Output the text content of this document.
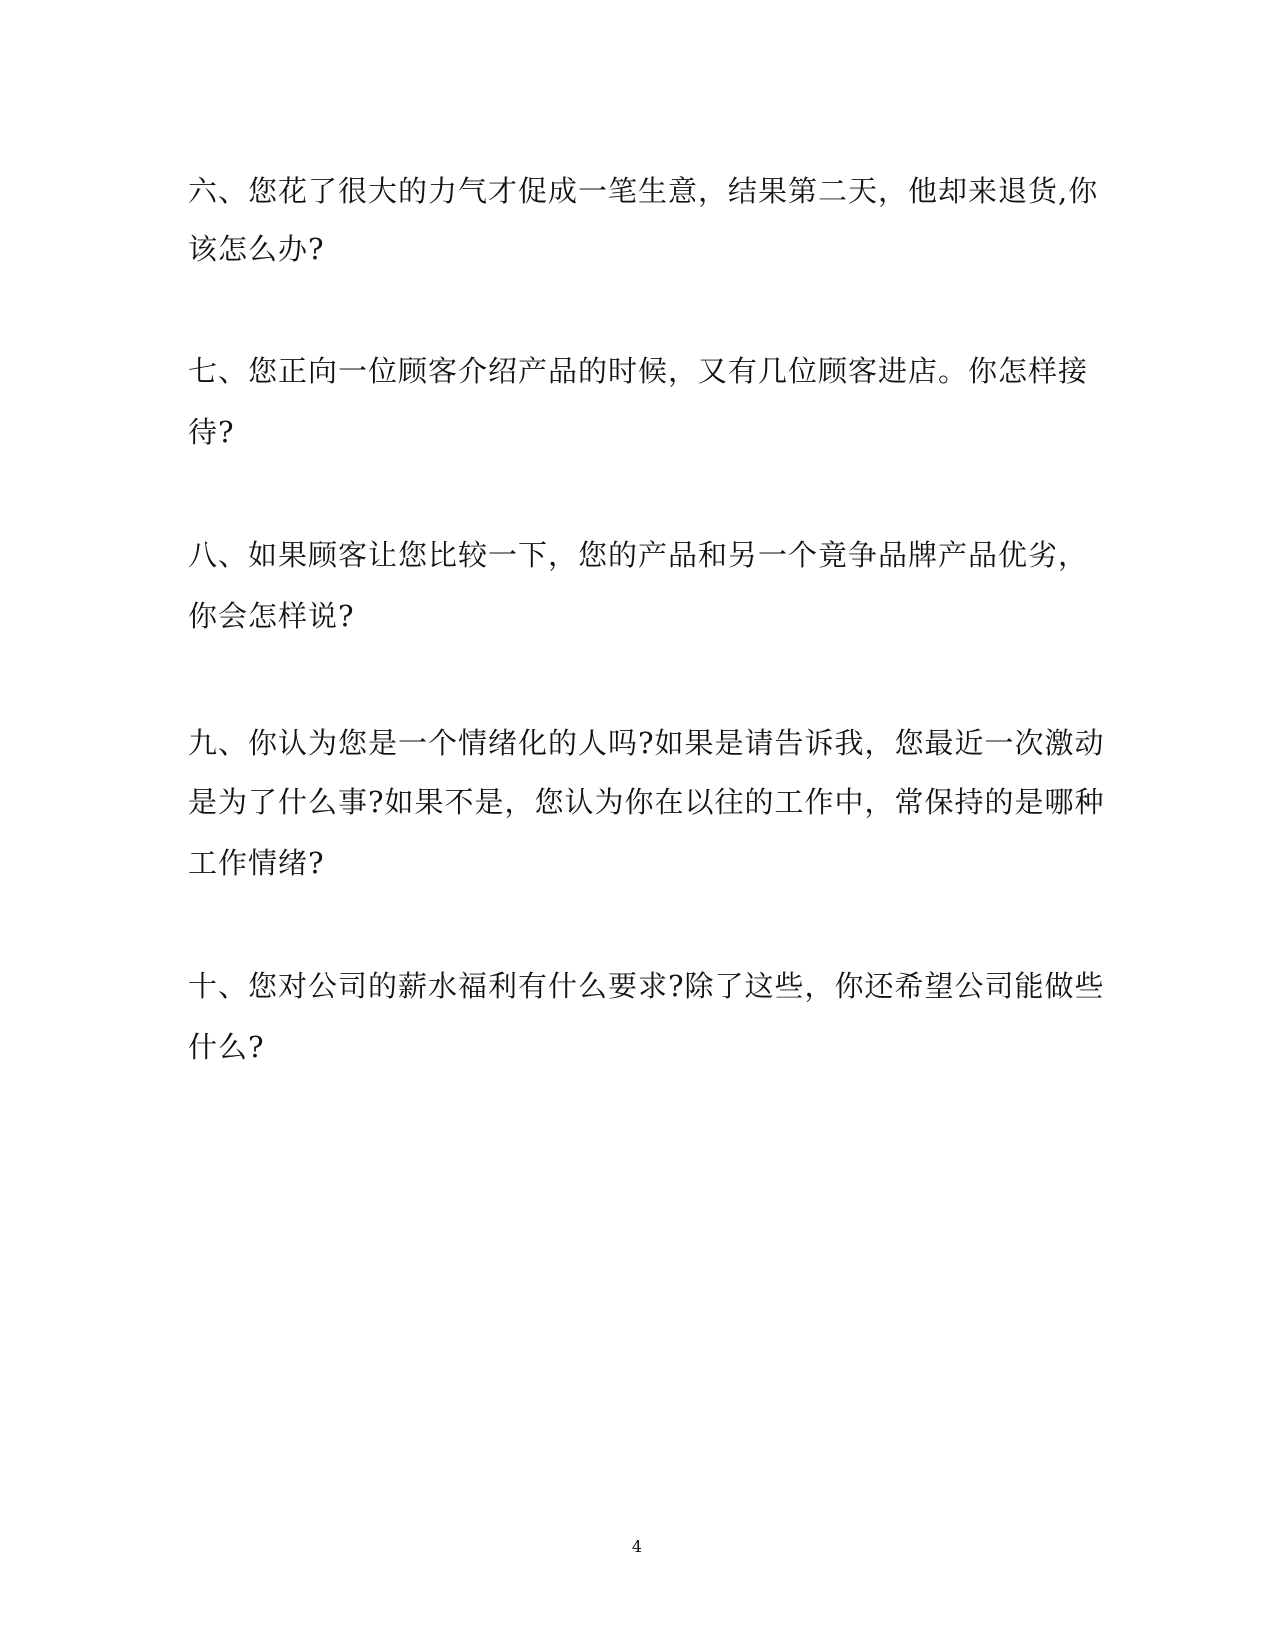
六、您花了很大的力气才促成一笔生意，结果第二天，他却来退货,你
该怎么办?
七、您正向一位顾客介绍产品的时候，又有几位顾客进店。你怎样接
待?
八、如果顾客让您比较一下，您的产品和另一个竟争品牌产品优劣，
你会怎样说?
九、你认为您是一个情绪化的人吗?如果是请告诉我，您最近一次激动
是为了什么事?如果不是，您认为你在以往的工作中，常保持的是哪种
工作情绪?
十、您对公司的薪水福利有什么要求?除了这些，你还希望公司能做些
什么?
4
